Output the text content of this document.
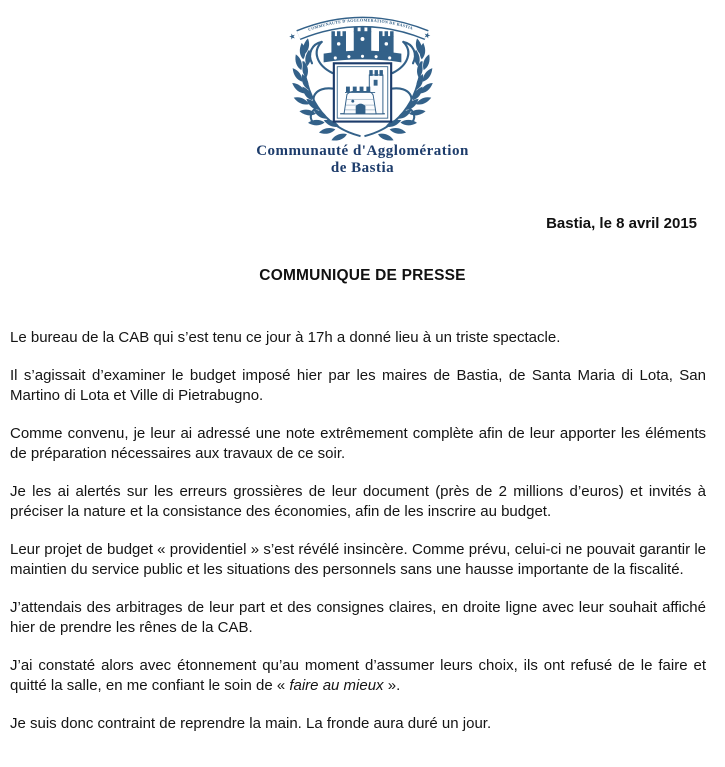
COMMUNAUTE D'AGGLOMERATION DE BASTIA
★	★
Communauté d'Agglomération
de Bastia
Bastia, le 8 avril 2015
COMMUNIQUE DE PRESSE

Le bureau de la CAB qui s’est tenu ce jour à 17h a donné lieu à un triste spectacle.

Il s’agissait d’examiner le budget imposé hier par les maires de Bastia, de Santa Maria di Lota, San Martino di Lota et Ville di Pietrabugno.

Comme convenu, je leur ai adressé une note extrêmement complète afin de leur apporter les éléments de préparation nécessaires aux travaux de ce soir.

Je les ai alertés sur les erreurs grossières de leur document (près de 2 millions d’euros) et invités à préciser la nature et la consistance des économies, afin de les inscrire au budget.

Leur projet de budget « providentiel » s’est révélé insincère. Comme prévu, celui-ci ne pouvait garantir le maintien du service public et les situations des personnels sans une hausse importante de la fiscalité.

J’attendais des arbitrages de leur part et des consignes claires, en droite ligne avec leur souhait affiché hier de prendre les rênes de la CAB.

J’ai constaté alors avec étonnement qu’au moment d’assumer leurs choix, ils ont refusé de le faire et quitté la salle, en me confiant le soin de « faire au mieux ».

Je suis donc contraint de reprendre la main. La fronde aura duré un jour.
